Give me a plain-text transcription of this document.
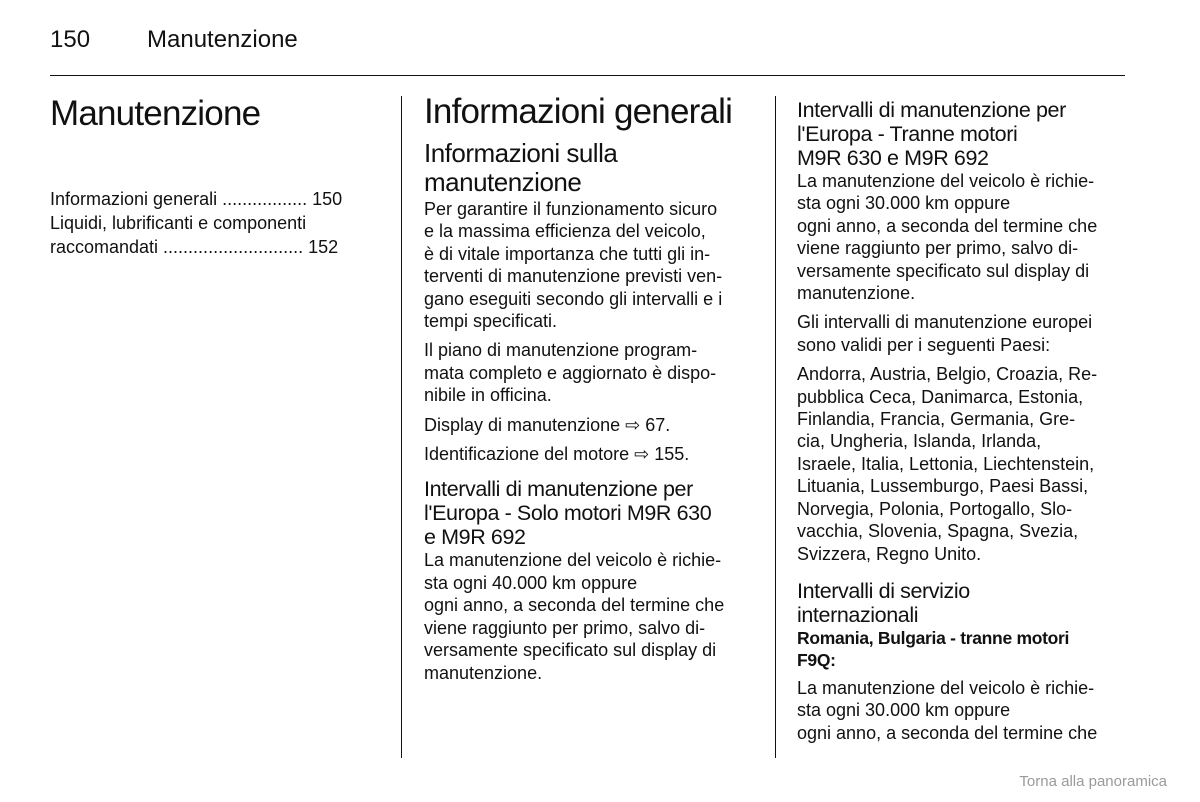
150 Manutenzione
Manutenzione
Informazioni generali ................. 150
Liquidi, lubrificanti e componenti
raccomandati ............................ 152
Informazioni generali
Informazioni sulla
manutenzione
Per garantire il funzionamento sicuro
e la massima efficienza del veicolo,
è di vitale importanza che tutti gli in-
terventi di manutenzione previsti ven-
gano eseguiti secondo gli intervalli e i
tempi specificati.
Il piano di manutenzione program-
mata completo e aggiornato è dispo-
nibile in officina.
Display di manutenzione ⇨ 67.
Identificazione del motore ⇨ 155.
Intervalli di manutenzione per
l'Europa - Solo motori M9R 630
e M9R 692
La manutenzione del veicolo è richie-
sta ogni 40.000 km oppure
ogni anno, a seconda del termine che
viene raggiunto per primo, salvo di-
versamente specificato sul display di
manutenzione.
Intervalli di manutenzione per
l'Europa - Tranne motori
M9R 630 e M9R 692
La manutenzione del veicolo è richie-
sta ogni 30.000 km oppure
ogni anno, a seconda del termine che
viene raggiunto per primo, salvo di-
versamente specificato sul display di
manutenzione.
Gli intervalli di manutenzione europei
sono validi per i seguenti Paesi:
Andorra, Austria, Belgio, Croazia, Re-
pubblica Ceca, Danimarca, Estonia,
Finlandia, Francia, Germania, Gre-
cia, Ungheria, Islanda, Irlanda,
Israele, Italia, Lettonia, Liechtenstein,
Lituania, Lussemburgo, Paesi Bassi,
Norvegia, Polonia, Portogallo, Slo-
vacchia, Slovenia, Spagna, Svezia,
Svizzera, Regno Unito.
Intervalli di servizio
internazionali
Romania, Bulgaria - tranne motori
F9Q:
La manutenzione del veicolo è richie-
sta ogni 30.000 km oppure
ogni anno, a seconda del termine che
Torna alla panoramica
